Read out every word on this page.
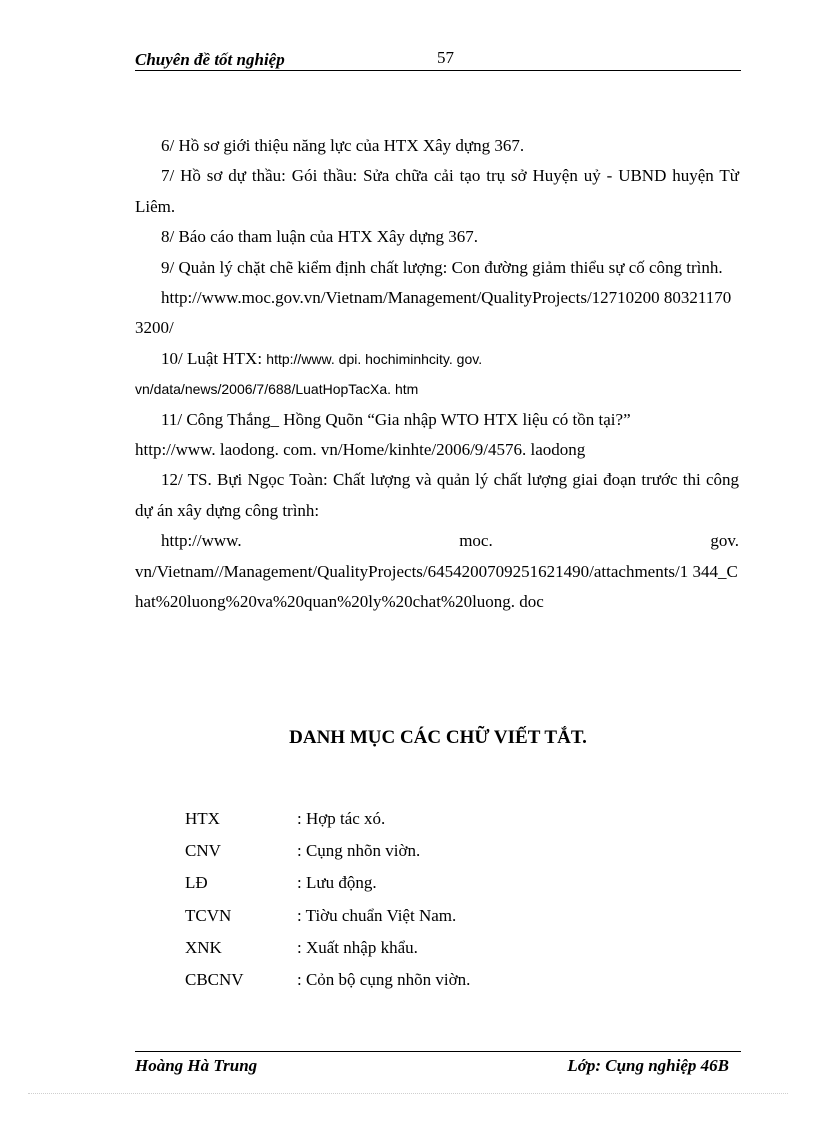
Chuyên đề tốt nghiệp	57

6/ Hồ sơ giới thiệu năng lực của HTX Xây dựng 367.

7/ Hồ sơ dự thầu: Gói thầu: Sửa chữa cải tạo trụ sở Huyện uỷ - UBND huyện Từ Liêm.

8/ Báo cáo tham luận của HTX Xây dựng 367.

9/ Quản lý chặt chẽ kiểm định chất lượng: Con đường giảm thiểu sự cố công trình.

http://www.moc.gov.vn/Vietnam/Management/QualityProjects/12710200 803211703200/

10/ Luật HTX: http://www. dpi. hochiminhcity. gov.

vn/data/news/2006/7/688/LuatHopTacXa. htm

11/ Công Thắng_ Hồng Quõn “Gia nhập WTO HTX liệu có tồn tại?”

http://www. laodong. com. vn/Home/kinhte/2006/9/4576. laodong

12/ TS. Bựi Ngọc Toàn: Chất lượng và quản lý chất lượng giai đoạn trước thi công dự án xây dựng công trình:

http://www.	moc.	gov.

vn/Vietnam//Management/QualityProjects/6454200709251621490/attachments/1 344_Chat%20luong%20va%20quan%20ly%20chat%20luong. doc

DANH MỤC CÁC CHỮ VIẾT TẮT.
HTX	: Hợp tác xó.
CNV	: Cụng nhõn viờn.
LĐ	: Lưu động.
TCVN	: Tiờu chuẩn Việt Nam.
XNK	: Xuất nhập khẩu.
CBCNV	: Cỏn bộ cụng nhõn viờn.
Hoàng Hà Trung	Lớp: Cụng nghiệp 46B
